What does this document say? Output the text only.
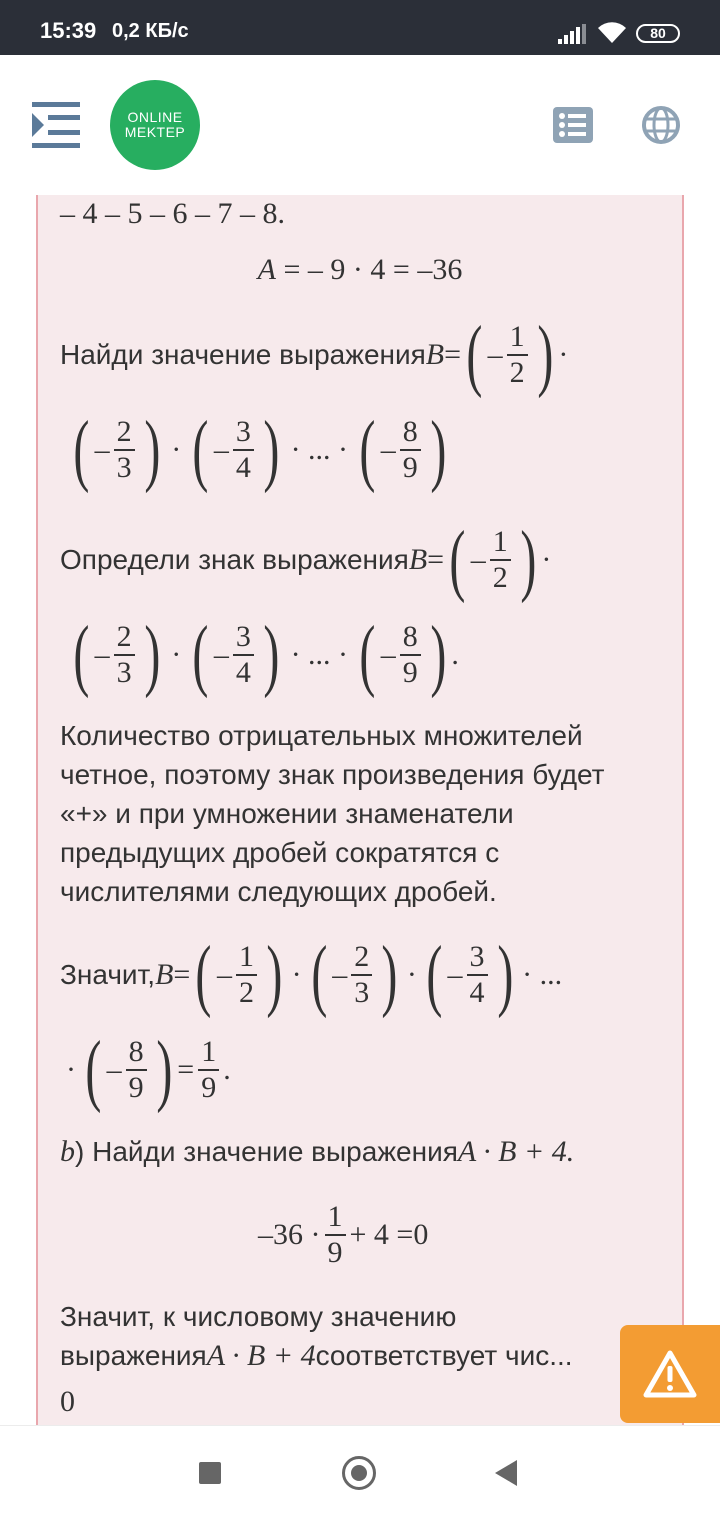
15:39 0,2 КБ/с	80
ONLINE
MEKTEP
– 4 – 5 – 6 – 7 – 8.
A = – 9 · 4 = –36
Найди значение выражения B = ( – $\frac{1}{2}$ ) ·
( – $\frac{2}{3}$ ) · ( – $\frac{3}{4}$ ) · ... · ( – $\frac{8}{9}$ )
Определи знак выражения B = ( – $\frac{1}{2}$ ) ·
( – $\frac{2}{3}$ ) · ( – $\frac{3}{4}$ ) · ... · ( – $\frac{8}{9}$ ) .
Количество отрицательных множителей
четное, поэтому знак произведения будет
«+» и при умножении знаменатели
предыдущих дробей сократятся с
числителями следующих дробей.
Значит, B = ( – $\frac{1}{2}$ ) · ( – $\frac{2}{3}$ ) · ( – $\frac{3}{4}$ ) · ...
· ( – $\frac{8}{9}$ ) = $\frac{1}{9}$ .
b ) Найди значение выражения A · B + 4.
$-36 \cdot \frac{1}{9} + 4 =0$
Значит, к числовому значению
выражения A · B + 4 соответствует чис...
0
